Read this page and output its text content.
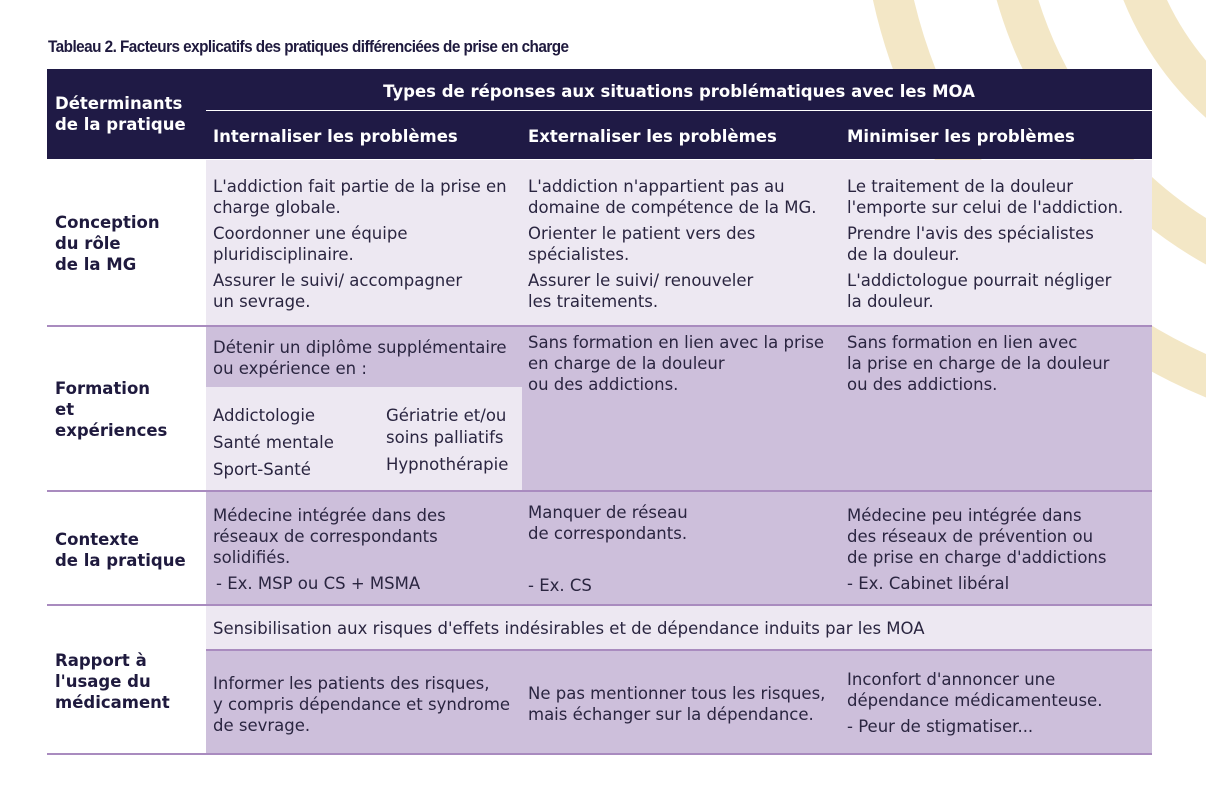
Tableau 2. Facteurs explicatifs des pratiques différenciées de prise en charge
Déterminants
de la pratique
Types de réponses aux situations problématiques avec les MOA
Internaliser les problèmes	Externaliser les problèmes	Minimiser les problèmes
Conception
du rôle
de la MG

L'addiction fait partie de la prise en

charge globale.

Coordonner une équipe

pluridisciplinaire.

Assurer le suivi/ accompagner

un sevrage.

L'addiction n'appartient pas au

domaine de compétence de la MG.

Orienter le patient vers des

spécialistes.

Assurer le suivi/ renouveler

les traitements.

Le traitement de la douleur

l'emporte sur celui de l'addiction.

Prendre l'avis des spécialistes

de la douleur.

L'addictologue pourrait négliger

la douleur.

Formation
et
expériences

Détenir un diplôme supplémentaire

ou expérience en :

Addictologie

Santé mentale

Sport-Santé

Gériatrie et/ou

soins palliatifs

Hypnothérapie

Sans formation en lien avec la prise

en charge de la douleur

ou des addictions.

Sans formation en lien avec

la prise en charge de la douleur

ou des addictions.

Contexte
de la pratique

Médecine intégrée dans des

réseaux de correspondants

solidifiés.

- Ex. MSP ou CS + MSMA

Manquer de réseau

de correspondants.

- Ex. CS

Médecine peu intégrée dans

des réseaux de prévention ou

de prise en charge d'addictions

- Ex. Cabinet libéral

Rapport à
l'usage du
médicament
Sensibilisation aux risques d'effets indésirables et de dépendance induits par les MOA

Informer les patients des risques,

y compris dépendance et syndrome

de sevrage.

Ne pas mentionner tous les risques,

mais échanger sur la dépendance.

Inconfort d'annoncer une

dépendance médicamenteuse.

- Peur de stigmatiser...
